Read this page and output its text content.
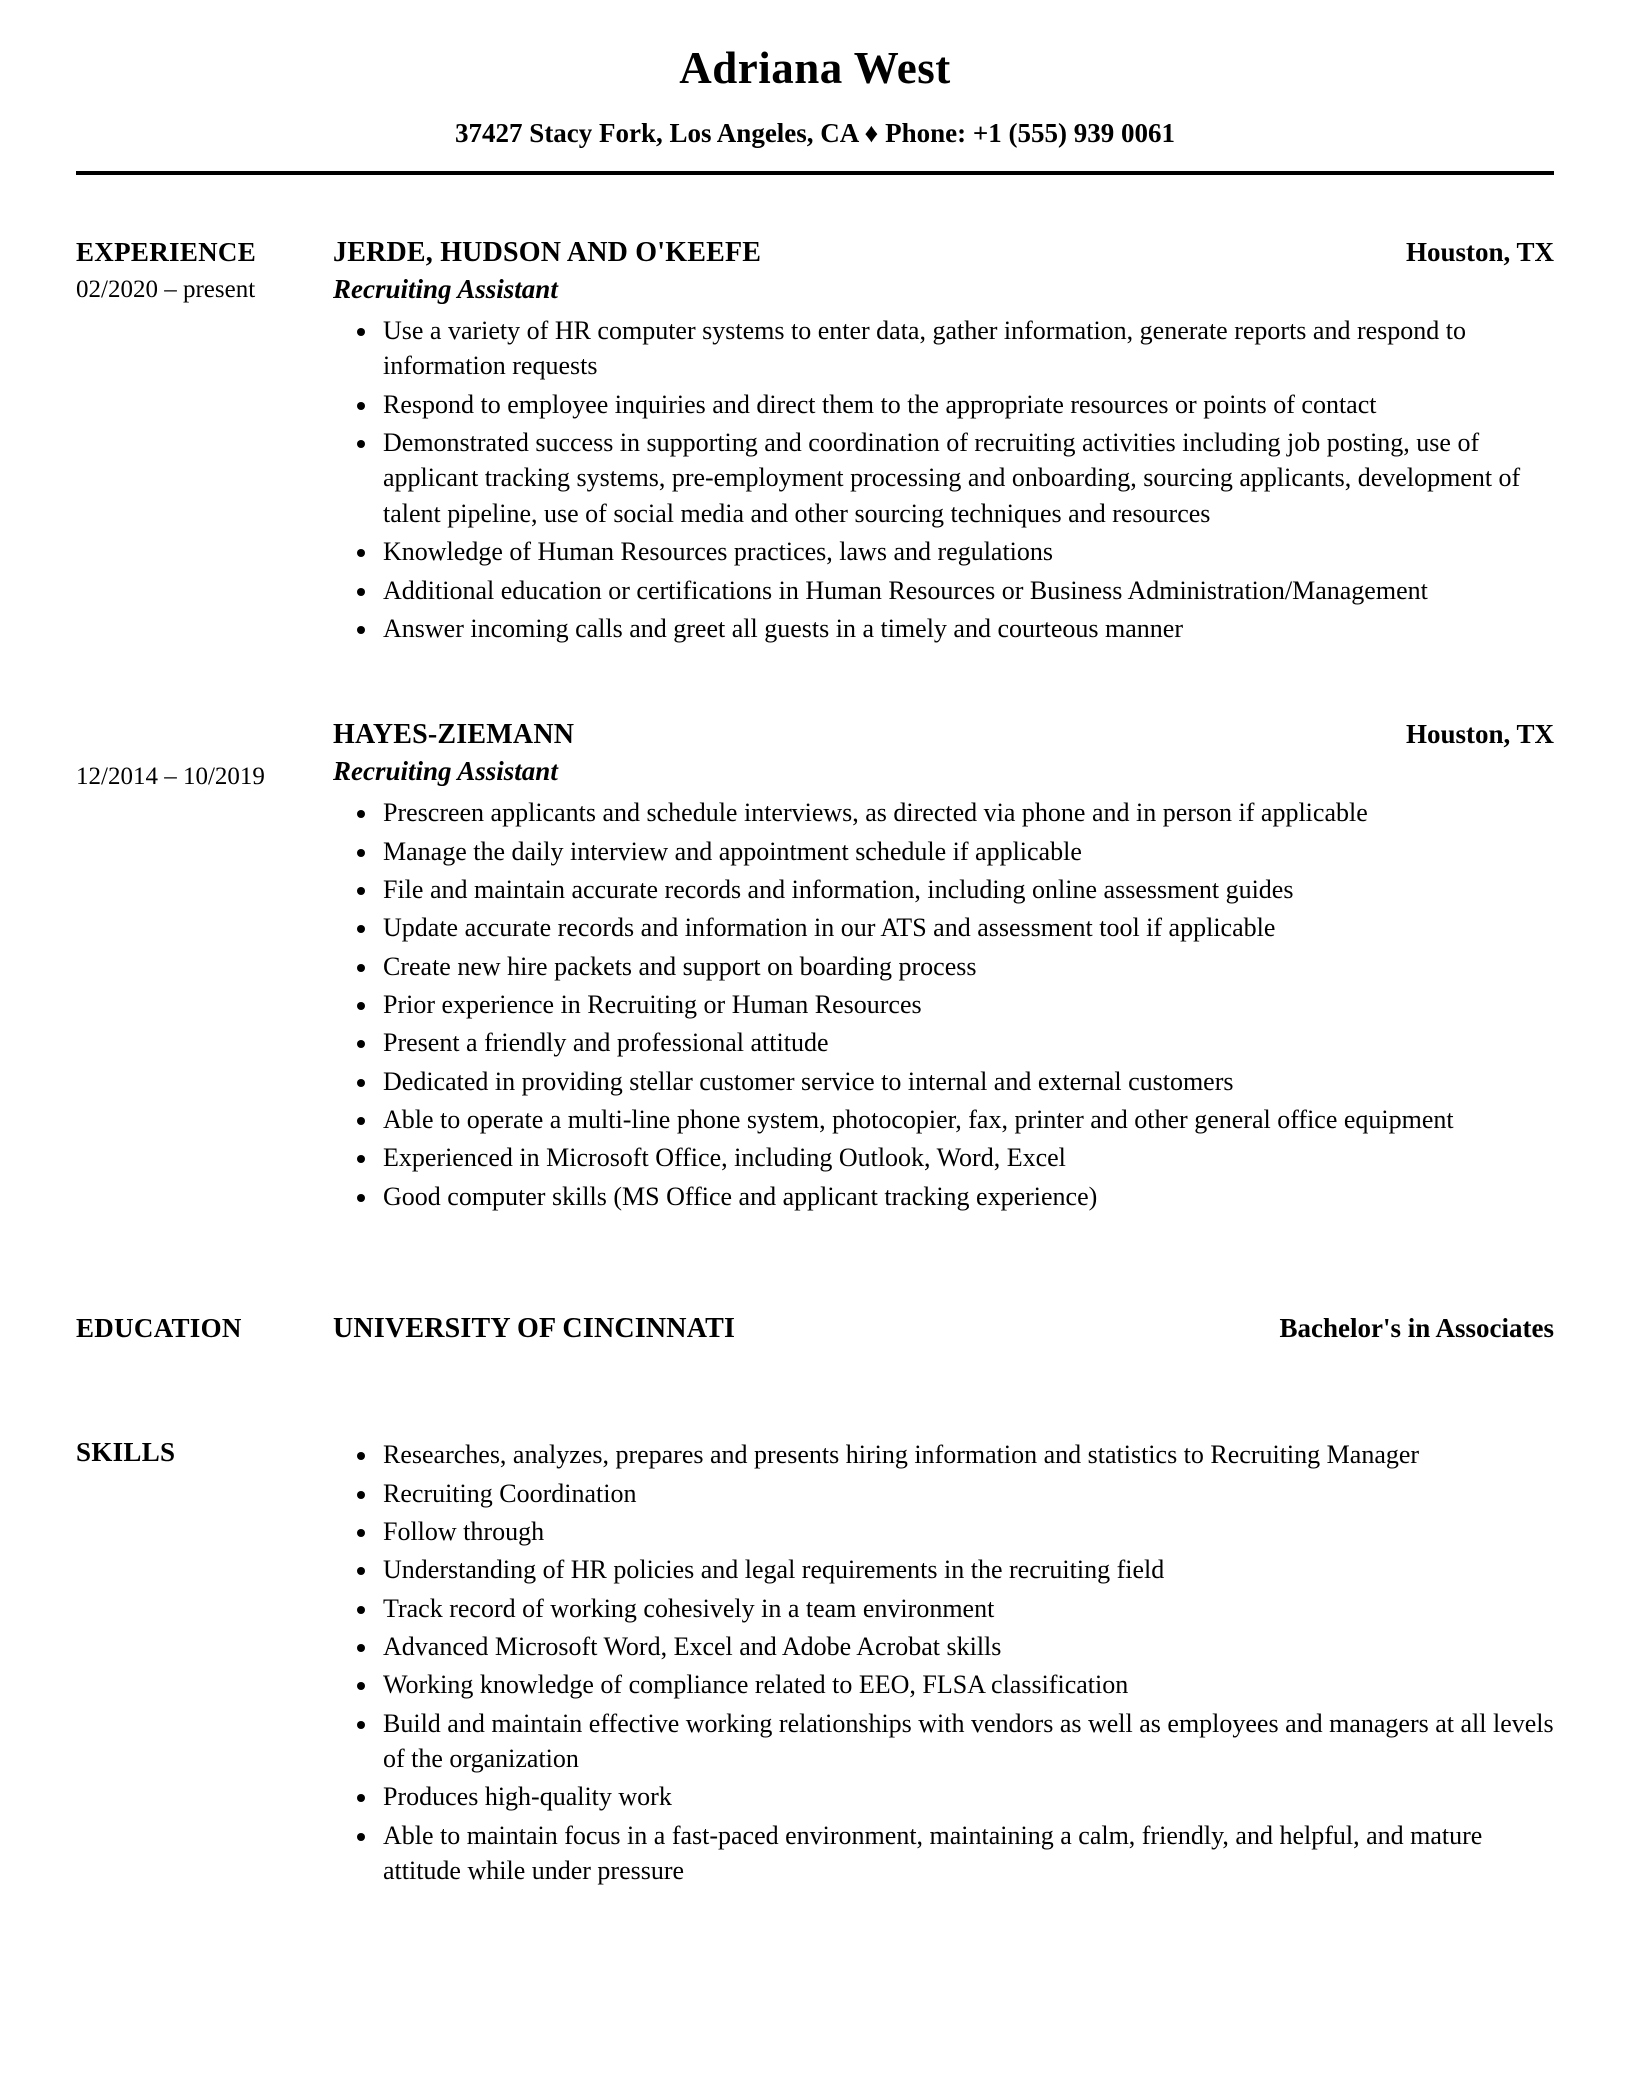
Adriana West

37427 Stacy Fork, Los Angeles, CA ♦ Phone: +1 (555) 939 0061

EXPERIENCE
02/2020 – present
JERDE, HUDSON AND O'KEEFE	Houston, TX
Recruiting Assistant
• Use a variety of HR computer systems to enter data, gather information, generate reports and respond to information requests
• Respond to employee inquiries and direct them to the appropriate resources or points of contact
• Demonstrated success in supporting and coordination of recruiting activities including job posting, use of applicant tracking systems, pre-employment processing and onboarding, sourcing applicants, development of talent pipeline, use of social media and other sourcing techniques and resources
• Knowledge of Human Resources practices, laws and regulations
• Additional education or certifications in Human Resources or Business Administration/Management
• Answer incoming calls and greet all guests in a timely and courteous manner
12/2014 – 10/2019
HAYES-ZIEMANN	Houston, TX
Recruiting Assistant
• Prescreen applicants and schedule interviews, as directed via phone and in person if applicable
• Manage the daily interview and appointment schedule if applicable
• File and maintain accurate records and information, including online assessment guides
• Update accurate records and information in our ATS and assessment tool if applicable
• Create new hire packets and support on boarding process
• Prior experience in Recruiting or Human Resources
• Present a friendly and professional attitude
• Dedicated in providing stellar customer service to internal and external customers
• Able to operate a multi-line phone system, photocopier, fax, printer and other general office equipment
• Experienced in Microsoft Office, including Outlook, Word, Excel
• Good computer skills (MS Office and applicant tracking experience)
EDUCATION	UNIVERSITY OF CINCINNATI	Bachelor's in Associates
SKILLS	• Researches, analyzes, prepares and presents hiring information and statistics to Recruiting Manager
• Recruiting Coordination
• Follow through
• Understanding of HR policies and legal requirements in the recruiting field
• Track record of working cohesively in a team environment
• Advanced Microsoft Word, Excel and Adobe Acrobat skills
• Working knowledge of compliance related to EEO, FLSA classification
• Build and maintain effective working relationships with vendors as well as employees and managers at all levels of the organization
• Produces high-quality work
• Able to maintain focus in a fast-paced environment, maintaining a calm, friendly, and helpful, and mature attitude while under pressure
